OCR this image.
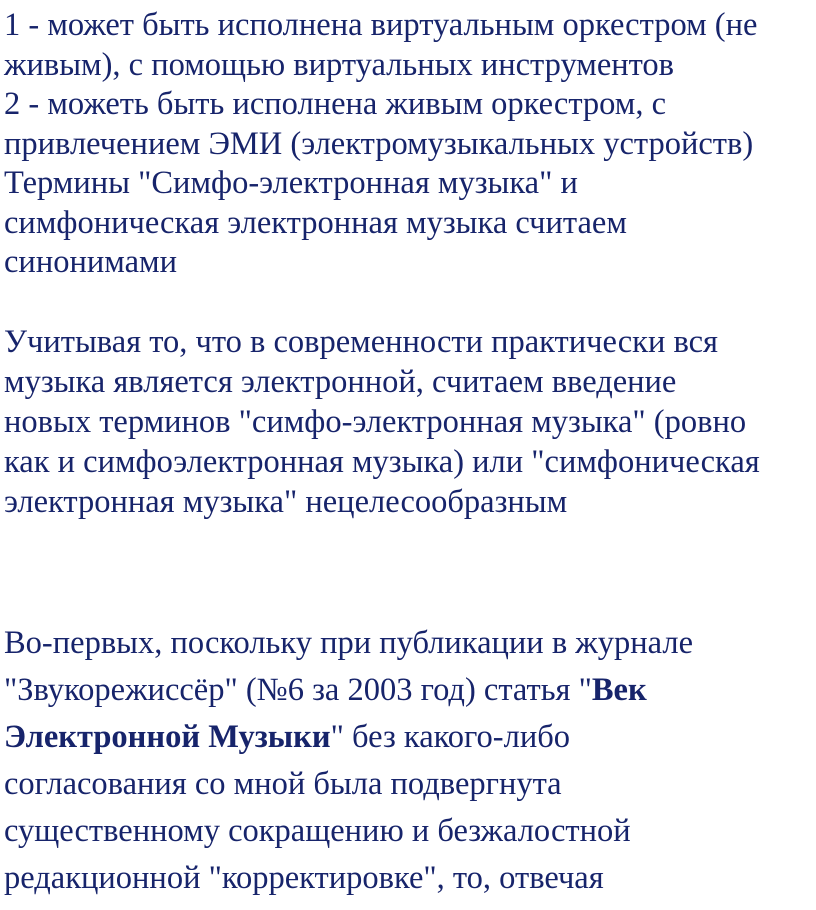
1 - может быть исполнена виртуальным оркестром (не
живым), с помощью виртуальных инструментов
2 - можеть быть исполнена живым оркестром, с
привлечением ЭМИ (электромузыкальных устройств)
Термины "Симфо-электронная музыка" и
симфоническая электронная музыка считаем
синонимами
Учитывая то, что в современности практически вся
музыка является электронной, считаем введение
новых терминов "симфо-электронная музыка" (ровно
как и симфоэлектронная музыка) или "симфоническая
электронная музыка" нецелесообразным
Во-первых, поскольку при публикации в журнале
"Звукорежиссёр" (№6 за 2003 год) статья "Век
Электронной Музыки" без какого-либо
согласования со мной была подвергнута
существенному сокращению и безжалостной
редакционной "корректировке", то, отвечая
